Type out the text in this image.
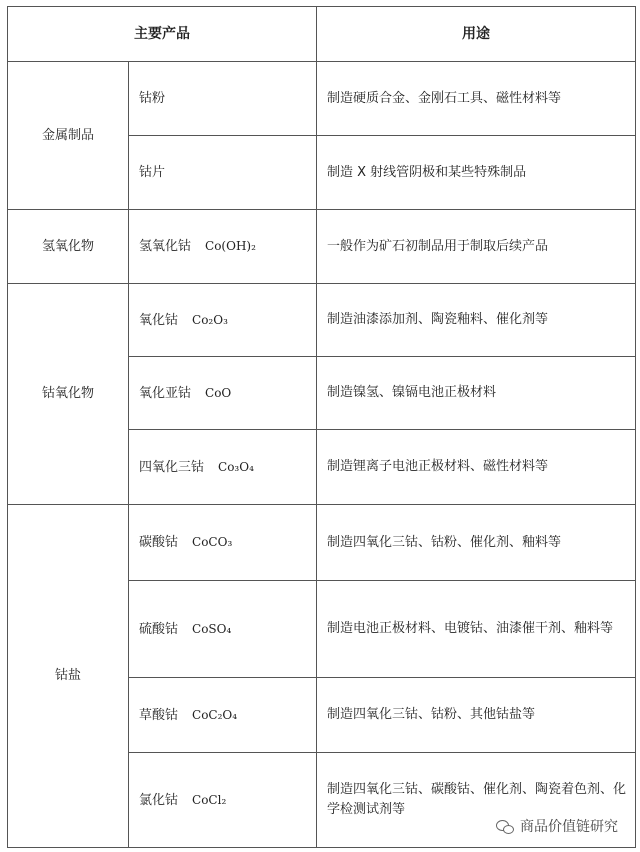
主要产品		用途
金属制品	钴粉	制造硬质合金、金刚石工具、磁性材料等
	钴片	制造 X 射线管阴极和某些特殊制品
氢氧化物	氢氧化钴 Co(OH)₂	一般作为矿石初制品用于制取后续产品
钴氧化物	氧化钴 Co₂O₃	制造油漆添加剂、陶瓷釉料、催化剂等
	氧化亚钴 CoO	制造镍氢、镍镉电池正极材料
	四氧化三钴 Co₃O₄	制造锂离子电池正极材料、磁性材料等
钴盐	碳酸钴 CoCO₃	制造四氧化三钴、钴粉、催化剂、釉料等
	硫酸钴 CoSO₄	制造电池正极材料、电镀钴、油漆催干剂、釉料等
	草酸钴 CoC₂O₄	制造四氧化三钴、钴粉、其他钴盐等
	氯化钴 CoCl₂	制造四氧化三钴、碳酸钴、催化剂、陶瓷着色剂、化学检测试剂等
商品价值链研究
